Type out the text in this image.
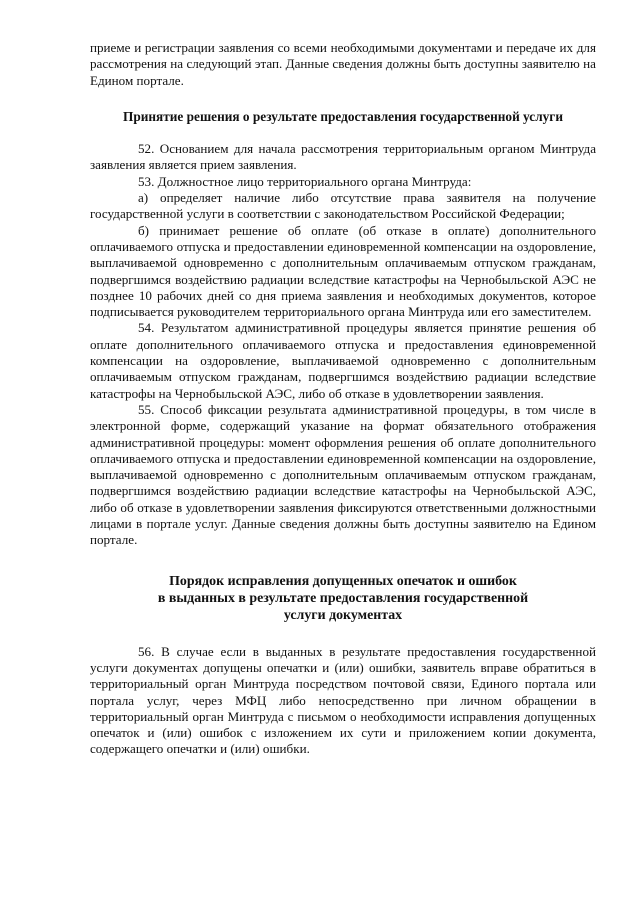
приеме и регистрации заявления со всеми необходимыми документами и передаче их для рассмотрения на следующий этап. Данные сведения должны быть доступны заявителю на Едином портале.

Принятие решения о результате предоставления государственной услуги

52. Основанием для начала рассмотрения территориальным органом Минтруда заявления является прием заявления.

53. Должностное лицо территориального органа Минтруда:

а) определяет наличие либо отсутствие права заявителя на получение государственной услуги в соответствии с законодательством Российской Федерации;

б) принимает решение об оплате (об отказе в оплате) дополнительного оплачиваемого отпуска и предоставлении единовременной компенсации на оздоровление, выплачиваемой одновременно с дополнительным оплачиваемым отпуском гражданам, подвергшимся воздействию радиации вследствие катастрофы на Чернобыльской АЭС не позднее 10 рабочих дней со дня приема заявления и необходимых документов, которое подписывается руководителем территориального органа Минтруда или его заместителем.

54. Результатом административной процедуры является принятие решения об оплате дополнительного оплачиваемого отпуска и предоставления единовременной компенсации на оздоровление, выплачиваемой одновременно с дополнительным оплачиваемым отпуском гражданам, подвергшимся воздействию радиации вследствие катастрофы на Чернобыльской АЭС, либо об отказе в удовлетворении заявления.

55. Способ фиксации результата административной процедуры, в том числе в электронной форме, содержащий указание на формат обязательного отображения административной процедуры: момент оформления решения об оплате дополнительного оплачиваемого отпуска и предоставлении единовременной компенсации на оздоровление, выплачиваемой одновременно с дополнительным оплачиваемым отпуском гражданам, подвергшимся воздействию радиации вследствие катастрофы на Чернобыльской АЭС, либо об отказе в удовлетворении заявления фиксируются ответственными должностными лицами в портале услуг. Данные сведения должны быть доступны заявителю на Едином портале.

Порядок исправления допущенных опечаток и ошибок
в выданных в результате предоставления государственной
услуги документах

56. В случае если в выданных в результате предоставления государственной услуги документах допущены опечатки и (или) ошибки, заявитель вправе обратиться в территориальный орган Минтруда посредством почтовой связи, Единого портала или портала услуг, через МФЦ либо непосредственно при личном обращении в территориальный орган Минтруда с письмом о необходимости исправления допущенных опечаток и (или) ошибок с изложением их сути и приложением копии документа, содержащего опечатки и (или) ошибки.
